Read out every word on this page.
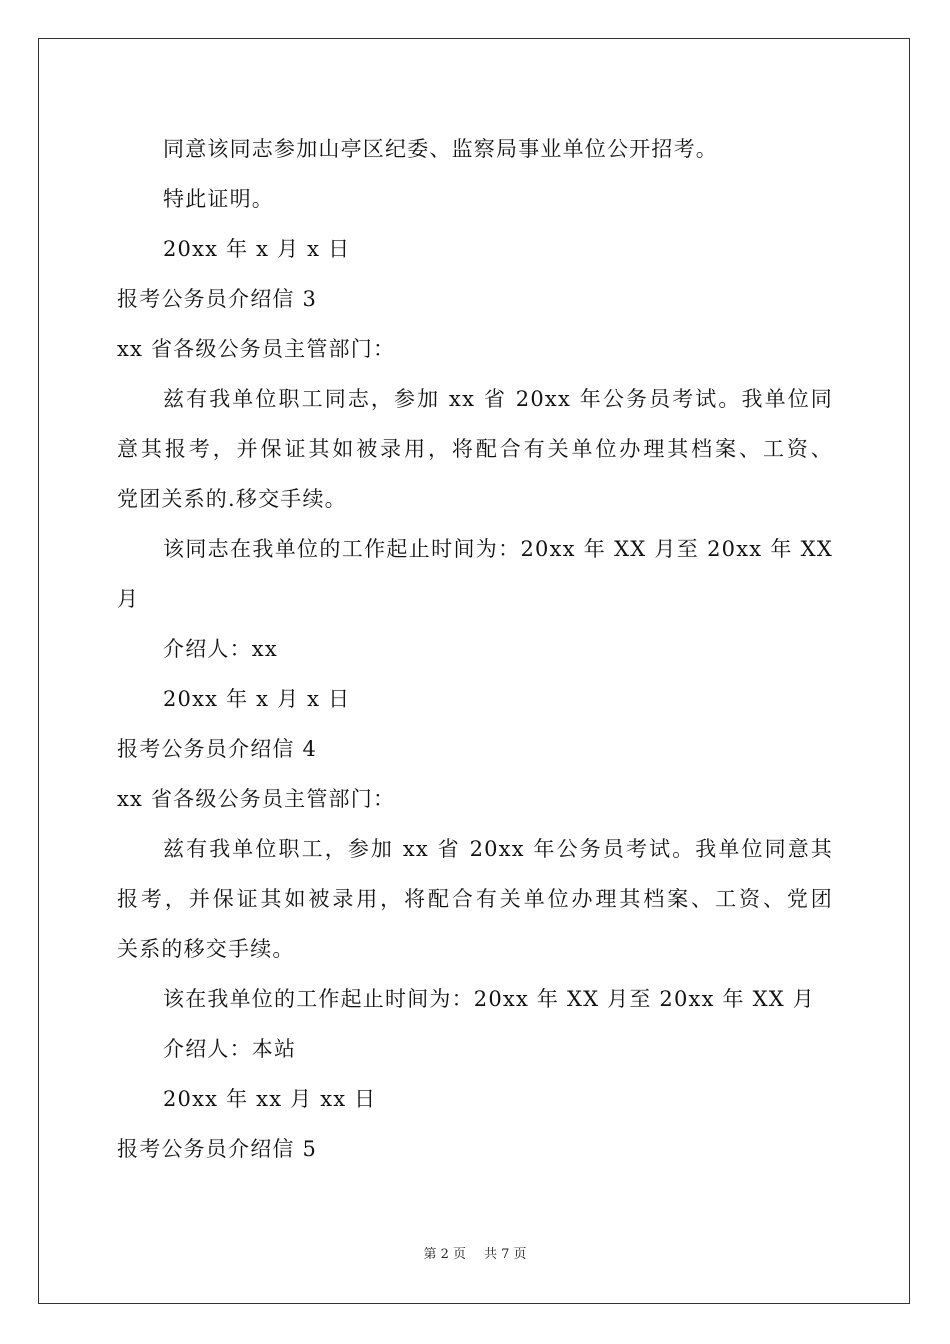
同意该同志参加山亭区纪委、监察局事业单位公开招考。
特此证明。
20xx 年 x 月 x 日
报考公务员介绍信 3
xx 省各级公务员主管部门：
兹有我单位职工同志，参加 xx 省 20xx 年公务员考试。我单位同
意其报考，并保证其如被录用，将配合有关单位办理其档案、工资、
党团关系的.移交手续。
该同志在我单位的工作起止时间为：20xx 年 XX 月至 20xx 年 XX
月
介绍人：xx
20xx 年 x 月 x 日
报考公务员介绍信 4
xx 省各级公务员主管部门：
兹有我单位职工，参加 xx 省 20xx 年公务员考试。我单位同意其
报考，并保证其如被录用，将配合有关单位办理其档案、工资、党团
关系的移交手续。
该在我单位的工作起止时间为：20xx 年 XX 月至 20xx 年 XX 月
介绍人：本站
20xx 年 xx 月 xx 日
报考公务员介绍信 5
第 2 页 共 7 页
